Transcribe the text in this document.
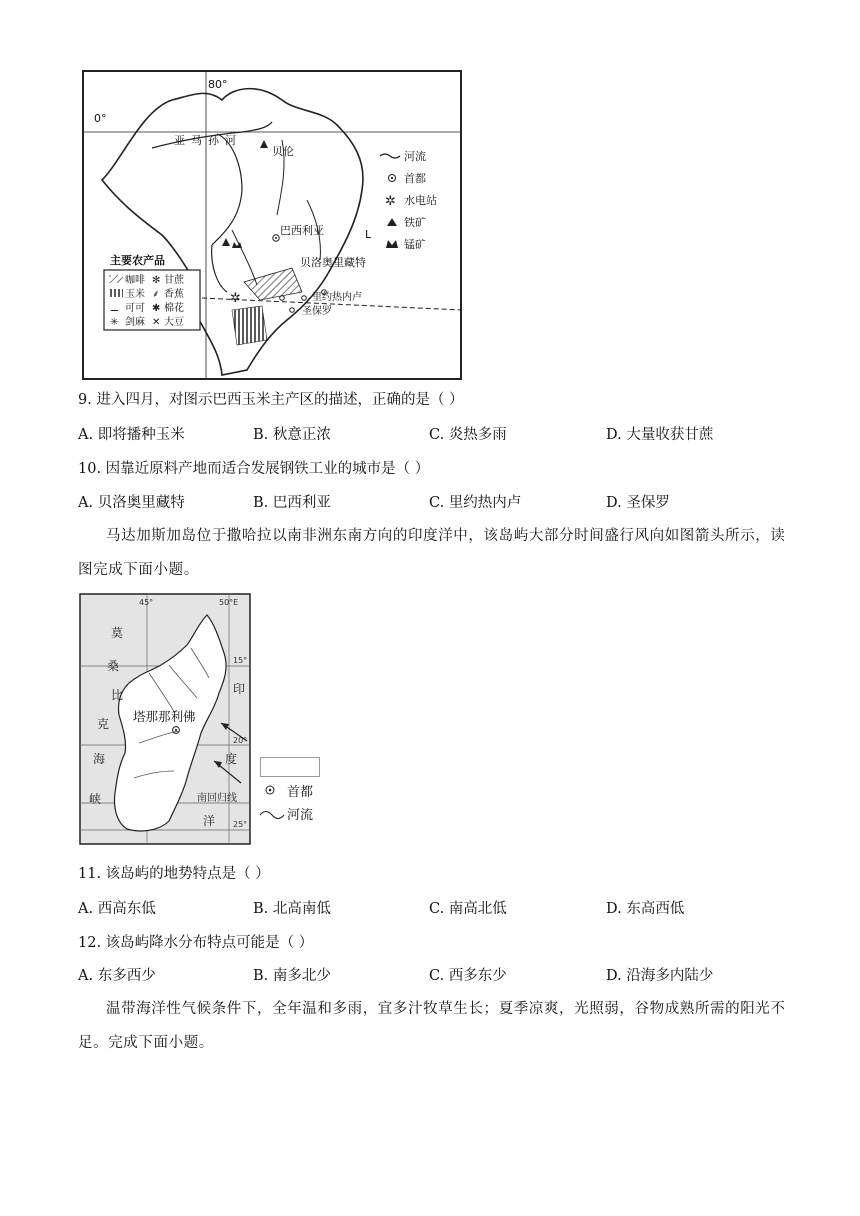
✲
0°
80°
亚马孙河
贝伦
巴西利亚
贝洛奥里藏特
里约热内卢
圣保罗
L
河流
首都
✲ 水电站
铁矿
锰矿
主要农产品
咖啡 ✻ 甘蔗
玉米 ⸙ 香蕉
⚊ 可可 ✱ 棉花
✳ 剑麻 ✕ 大豆
9. 进入四月，对图示巴西玉米主产区的描述，正确的是（ ）
A. 即将播种玉米	B. 秋意正浓	C. 炎热多雨	D. 大量收获甘蔗
10. 因靠近原料产地而适合发展钢铁工业的城市是（ ）
A. 贝洛奥里藏特	B. 巴西利亚	C. 里约热内卢	D. 圣保罗
马达加斯加岛位于撒哈拉以南非洲东南方向的印度洋中，该岛屿大部分时间盛行风向如图箭头所示，读图完成下面小题。
45°	50°E
15°
20°
25°
莫
桑
比
克
海
峡
印
度
洋
塔那那利佛
南回归线	首都
河流
11. 该岛屿的地势特点是（ ）
A. 西高东低	B. 北高南低	C. 南高北低	D. 东高西低
12. 该岛屿降水分布特点可能是（ ）
A. 东多西少	B. 南多北少	C. 西多东少	D. 沿海多内陆少
温带海洋性气候条件下，全年温和多雨，宜多汁牧草生长；夏季凉爽，光照弱，谷物成熟所需的阳光不足。完成下面小题。
